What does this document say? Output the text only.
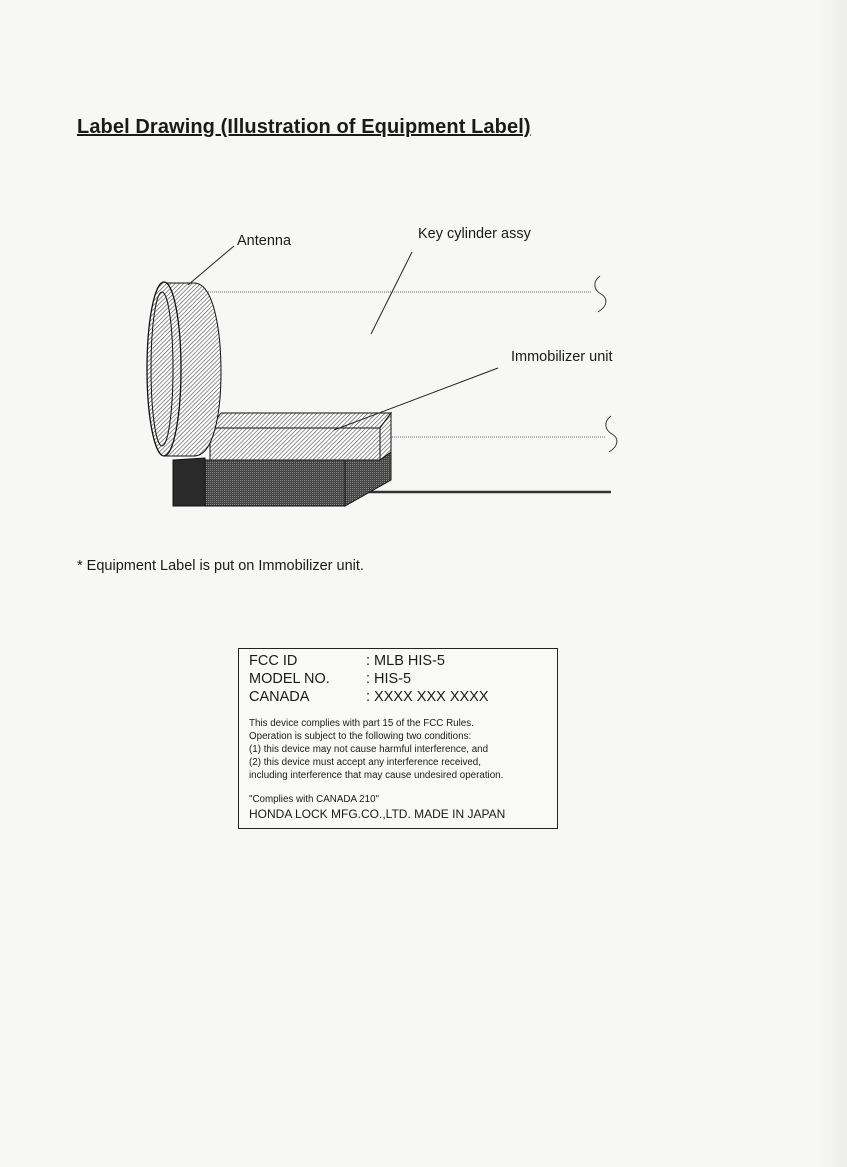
Label Drawing (Illustration of Equipment Label)
Antenna	Key cylinder assy
Immobilizer unit
* Equipment Label is put on Immobilizer unit.
FCC ID	: MLB HIS-5
MODEL NO. : HIS-5
CANADA	: XXXX XXX XXXX
This device complies with part 15 of the FCC Rules.
Operation is subject to the following two conditions:
(1) this device may not cause harmful interference, and
(2) this device must accept any interference received,
including interference that may cause undesired operation.
"Complies with CANADA 210"
HONDA LOCK MFG.CO.,LTD. MADE IN JAPAN
